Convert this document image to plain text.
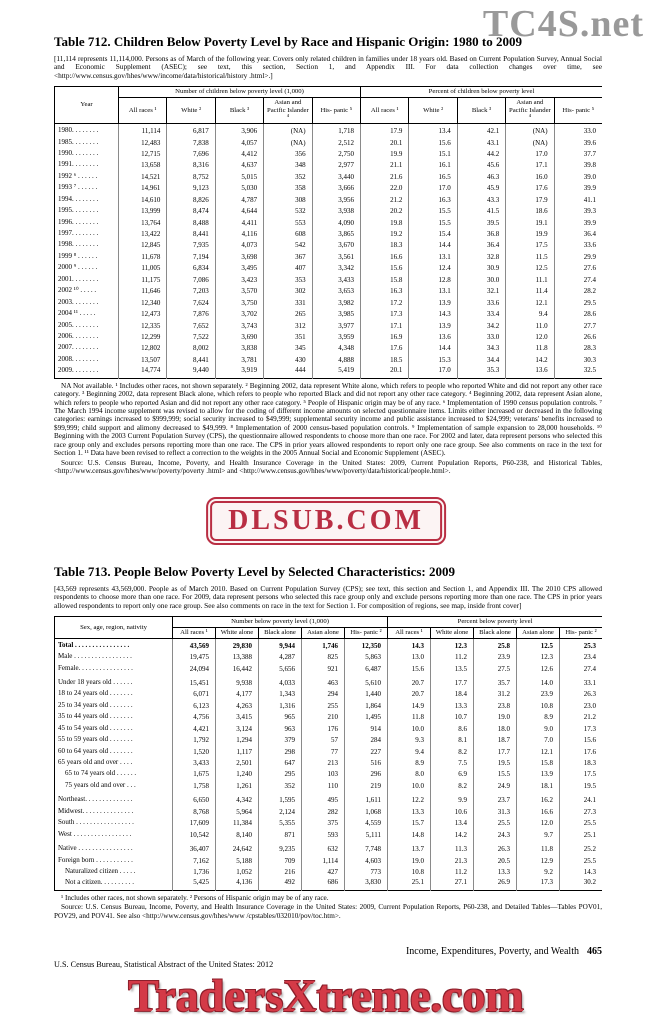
Table 712. Children Below Poverty Level by Race and Hispanic Origin: 1980 to 2009

[11,114 represents 11,114,000. Persons as of March of the following year. Covers only related children in families under 18 years old. Based on Current Population Survey, Annual Social and Economic Supplement (ASEC); see text, this section, Section 1, and Appendix III. For data collection changes over time, see <http://www.census.gov/hhes/www/income/data/historical/history .html>.]

Year	Number of children below poverty level (1,000)					Percent of children below poverty level				
	All races ¹	White ²	Black ³	Asian and Pacific Islander ⁴	His- panic ⁵	All races ¹	White ²	Black ³	Asian and Pacific Islander ⁴	His- panic ⁵
1980. . . . . . . .	11,114	6,817	3,906	(NA)	1,718	17.9	13.4	42.1	(NA)	33.0
1985. . . . . . . .	12,483	7,838	4,057	(NA)	2,512	20.1	15.6	43.1	(NA)	39.6
1990. . . . . . . .	12,715	7,696	4,412	356	2,750	19.9	15.1	44.2	17.0	37.7
1991. . . . . . . .	13,658	8,316	4,637	348	2,977	21.1	16.1	45.6	17.1	39.8
1992 ⁶ . . . . . .	14,521	8,752	5,015	352	3,440	21.6	16.5	46.3	16.0	39.0
1993 ⁷ . . . . . .	14,961	9,123	5,030	358	3,666	22.0	17.0	45.9	17.6	39.9
1994. . . . . . . .	14,610	8,826	4,787	308	3,956	21.2	16.3	43.3	17.9	41.1
1995. . . . . . . .	13,999	8,474	4,644	532	3,938	20.2	15.5	41.5	18.6	39.3
1996. . . . . . . .	13,764	8,488	4,411	553	4,090	19.8	15.5	39.5	19.1	39.9
1997. . . . . . . .	13,422	8,441	4,116	608	3,865	19.2	15.4	36.8	19.9	36.4
1998. . . . . . . .	12,845	7,935	4,073	542	3,670	18.3	14.4	36.4	17.5	33.6
1999 ⁸ . . . . . .	11,678	7,194	3,698	367	3,561	16.6	13.1	32.8	11.5	29.9
2000 ⁹ . . . . . .	11,005	6,834	3,495	407	3,342	15.6	12.4	30.9	12.5	27.6
2001. . . . . . . .	11,175	7,086	3,423	353	3,433	15.8	12.8	30.0	11.1	27.4
2002 ¹⁰ . . . . .	11,646	7,203	3,570	302	3,653	16.3	13.1	32.1	11.4	28.2
2003. . . . . . . .	12,340	7,624	3,750	331	3,982	17.2	13.9	33.6	12.1	29.5
2004 ¹¹ . . . . .	12,473	7,876	3,702	265	3,985	17.3	14.3	33.4	9.4	28.6
2005. . . . . . . .	12,335	7,652	3,743	312	3,977	17.1	13.9	34.2	11.0	27.7
2006. . . . . . . .	12,299	7,522	3,690	351	3,959	16.9	13.6	33.0	12.0	26.6
2007. . . . . . . .	12,802	8,002	3,838	345	4,348	17.6	14.4	34.3	11.8	28.3
2008. . . . . . . .	13,507	8,441	3,781	430	4,888	18.5	15.3	34.4	14.2	30.3
2009. . . . . . . .	14,774	9,440	3,919	444	5,419	20.1	17.0	35.3	13.6	32.5

NA Not available. ¹ Includes other races, not shown separately. ² Beginning 2002, data represent White alone, which refers to people who reported White and did not report any other race category. ³ Beginning 2002, data represent Black alone, which refers to people who reported Black and did not report any other race category. ⁴ Beginning 2002, data represent Asian alone, which refers to people who reported Asian and did not report any other race category. ⁵ People of Hispanic origin may be of any race. ⁶ Implementation of 1990 census population controls. ⁷ The March 1994 income supplement was revised to allow for the coding of different income amounts on selected questionnaire items. Limits either increased or decreased in the following categories: earnings increased to $999,999; social security increased to $49,999; supplemental security income and public assistance increased to $24,999; veterans' benefits increased to $99,999; child support and alimony decreased to $49,999. ⁸ Implementation of 2000 census-based population controls. ⁹ Implementation of sample expansion to 28,000 households. ¹⁰ Beginning with the 2003 Current Population Survey (CPS), the questionnaire allowed respondents to choose more than one race. For 2002 and later, data represent persons who selected this race group only and excludes persons reporting more than one race. The CPS in prior years allowed respondents to report only one race group. See also comments on race in the text for Section 1. ¹¹ Data have been revised to reflect a correction to the weights in the 2005 Annual Social and Economic Supplement (ASEC).

Source: U.S. Census Bureau, Income, Poverty, and Health Insurance Coverage in the United States: 2009, Current Population Reports, P60-238, and Historical Tables, <http://www.census.gov/hhes/www/poverty/poverty .html> and <http://www.census.gov/hhes/www/poverty/data/historical/people.html>.

Table 713. People Below Poverty Level by Selected Characteristics: 2009

[43,569 represents 43,569,000. People as of March 2010. Based on Current Population Survey (CPS); see text, this section and Section 1, and Appendix III. The 2010 CPS allowed respondents to choose more than one race. For 2009, data represent persons who selected this race group only and exclude persons reporting more than one race. The CPS in prior years allowed respondents to report only one race group. See also comments on race in the text for Section 1. For composition of regions, see map, inside front cover]

Sex, age, region, nativity	Number below poverty level (1,000)					Percent below poverty level				
	All races ¹	White alone	Black alone	Asian alone	His- panic ²	All races ¹	White alone	Black alone	Asian alone	His- panic ²
Total . . . . . . . . . . . . . . . .	43,569	29,830	9,944	1,746	12,350	14.3	12.3	25.8	12.5	25.3
Male . . . . . . . . . . . . . . . . .	19,475	13,388	4,287	825	5,863	13.0	11.2	23.9	12.3	23.4
Female. . . . . . . . . . . . . . . .	24,094	16,442	5,656	921	6,487	15.6	13.5	27.5	12.6	27.4
Under 18 years old . . . . . .	15,451	9,938	4,033	463	5,610	20.7	17.7	35.7	14.0	33.1
18 to 24 years old . . . . . . .	6,071	4,177	1,343	294	1,440	20.7	18.4	31.2	23.9	26.3
25 to 34 years old . . . . . . .	6,123	4,263	1,316	255	1,864	14.9	13.3	23.8	10.8	23.0
35 to 44 years old . . . . . . .	4,756	3,415	965	210	1,495	11.8	10.7	19.0	8.9	21.2
45 to 54 years old . . . . . . .	4,421	3,124	963	176	914	10.0	8.6	18.0	9.0	17.3
55 to 59 years old . . . . . . .	1,792	1,294	379	57	284	9.3	8.1	18.7	7.0	15.6
60 to 64 years old . . . . . . .	1,520	1,117	298	77	227	9.4	8.2	17.7	12.1	17.6
65 years old and over . . . .	3,433	2,501	647	213	516	8.9	7.5	19.5	15.8	18.3
65 to 74 years old . . . . . .	1,675	1,240	295	103	296	8.0	6.9	15.5	13.9	17.5
75 years old and over . . .	1,758	1,261	352	110	219	10.0	8.2	24.9	18.1	19.5
Northeast. . . . . . . . . . . . . .	6,650	4,342	1,595	495	1,611	12.2	9.9	23.7	16.2	24.1
Midwest. . . . . . . . . . . . . . .	8,768	5,964	2,124	282	1,068	13.3	10.6	31.3	16.6	27.3
South . . . . . . . . . . . . . . . . .	17,609	11,384	5,355	375	4,559	15.7	13.4	25.5	12.0	25.5
West . . . . . . . . . . . . . . . . .	10,542	8,140	871	593	5,111	14.8	14.2	24.3	9.7	25.1
Native . . . . . . . . . . . . . . . .	36,407	24,642	9,235	632	7,748	13.7	11.3	26.3	11.8	25.2
Foreign born . . . . . . . . . . .	7,162	5,188	709	1,114	4,603	19.0	21.3	20.5	12.9	25.5
Naturalized citizen . . . . .	1,736	1,052	216	427	773	10.8	11.2	13.3	9.2	14.3
Not a citizen. . . . . . . . . .	5,425	4,136	492	686	3,830	25.1	27.1	26.9	17.3	30.2

¹ Includes other races, not shown separately. ² Persons of Hispanic origin may be of any race.

Source: U.S. Census Bureau, Income, Poverty, and Health Insurance Coverage in the United States: 2009, Current Population Reports, P60-238, and Detailed Tables—Tables POV01, POV29, and POV41. See also <http://www.census.gov/hhes/www /cpstables/032010/pov/toc.htm>.

Income, Expenditures, Poverty, and Wealth 465
U.S. Census Bureau, Statistical Abstract of the United States: 2012
TC4S.net
DLSUB.COM
TradersXtreme.com
